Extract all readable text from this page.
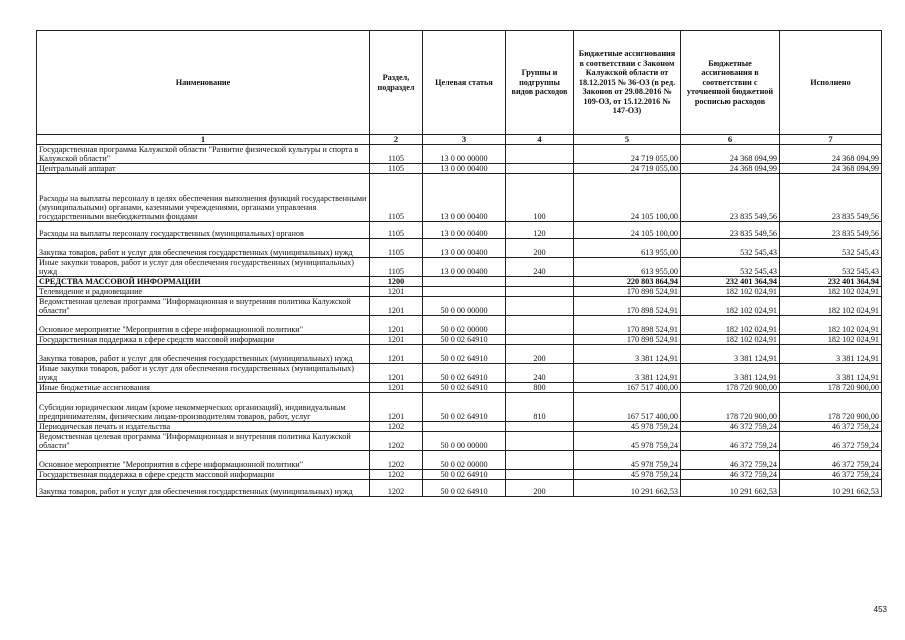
Наименование	Раздел, подраздел	Целевая статья	Группы и подгруппы видов расходов	Бюджетные ассигнования в соответствии с Законом Калужской области от 18.12.2015 № 36-ОЗ (в ред. Законов от 29.08.2016 № 109-ОЗ, от 15.12.2016 № 147-ОЗ)	Бюджетные ассигнования в соответствии с уточненной бюджетной росписью расходов	Исполнено
1	2	3	4	5	6	7
Государственная программа Калужской области "Развитие физической культуры и спорта в Калужской области"	1105	13 0 00 00000		24 719 055,00	24 368 094,99	24 368 094,99
Центральный аппарат	1105	13 0 00 00400		24 719 055,00	24 368 094,99	24 368 094,99
Расходы на выплаты персоналу в целях обеспечения выполнения функций государственными (муниципальными) органами, казенными учреждениями, органами управления государственными внебюджетными фондами	1105	13 0 00 00400	100	24 105 100,00	23 835 549,56	23 835 549,56
Расходы на выплаты персоналу государственных (муниципальных) органов	1105	13 0 00 00400	120	24 105 100,00	23 835 549,56	23 835 549,56
Закупка товаров, работ и услуг для обеспечения государственных (муниципальных) нужд	1105	13 0 00 00400	200	613 955,00	532 545,43	532 545,43
Иные закупки товаров, работ и услуг для обеспечения государственных (муниципальных) нужд	1105	13 0 00 00400	240	613 955,00	532 545,43	532 545,43
СРЕДСТВА МАССОВОЙ ИНФОРМАЦИИ	1200			220 803 864,94	232 401 364,94	232 401 364,94
Телевидение и радиовещание	1201			170 898 524,91	182 102 024,91	182 102 024,91
Ведомственная целевая программа "Информационная и внутренняя политика Калужской области"	1201	50 0 00 00000		170 898 524,91	182 102 024,91	182 102 024,91
Основное мероприятие "Мероприятия в сфере информационной политики"	1201	50 0 02 00000		170 898 524,91	182 102 024,91	182 102 024,91
Государственная поддержка в сфере средств массовой информации	1201	50 0 02 64910		170 898 524,91	182 102 024,91	182 102 024,91
Закупка товаров, работ и услуг для обеспечения государственных (муниципальных) нужд	1201	50 0 02 64910	200	3 381 124,91	3 381 124,91	3 381 124,91
Иные закупки товаров, работ и услуг для обеспечения государственных (муниципальных) нужд	1201	50 0 02 64910	240	3 381 124,91	3 381 124,91	3 381 124,91
Иные бюджетные ассигнования	1201	50 0 02 64910	800	167 517 400,00	178 720 900,00	178 720 900,00
Субсидии юридическим лицам (кроме некоммерческих организаций), индивидуальным предпринимателям, физическим лицам-производителям товаров, работ, услуг	1201	50 0 02 64910	810	167 517 400,00	178 720 900,00	178 720 900,00
Периодическая печать и издательства	1202			45 978 759,24	46 372 759,24	46 372 759,24
Ведомственная целевая программа "Информационная и внутренняя политика Калужской области"	1202	50 0 00 00000		45 978 759,24	46 372 759,24	46 372 759,24
Основное мероприятие "Мероприятия в сфере информационной политики"	1202	50 0 02 00000		45 978 759,24	46 372 759,24	46 372 759,24
Государственная поддержка в сфере средств массовой информации	1202	50 0 02 64910		45 978 759,24	46 372 759,24	46 372 759,24
Закупка товаров, работ и услуг для обеспечения государственных (муниципальных) нужд	1202	50 0 02 64910	200	10 291 662,53	10 291 662,53	10 291 662,53
453
